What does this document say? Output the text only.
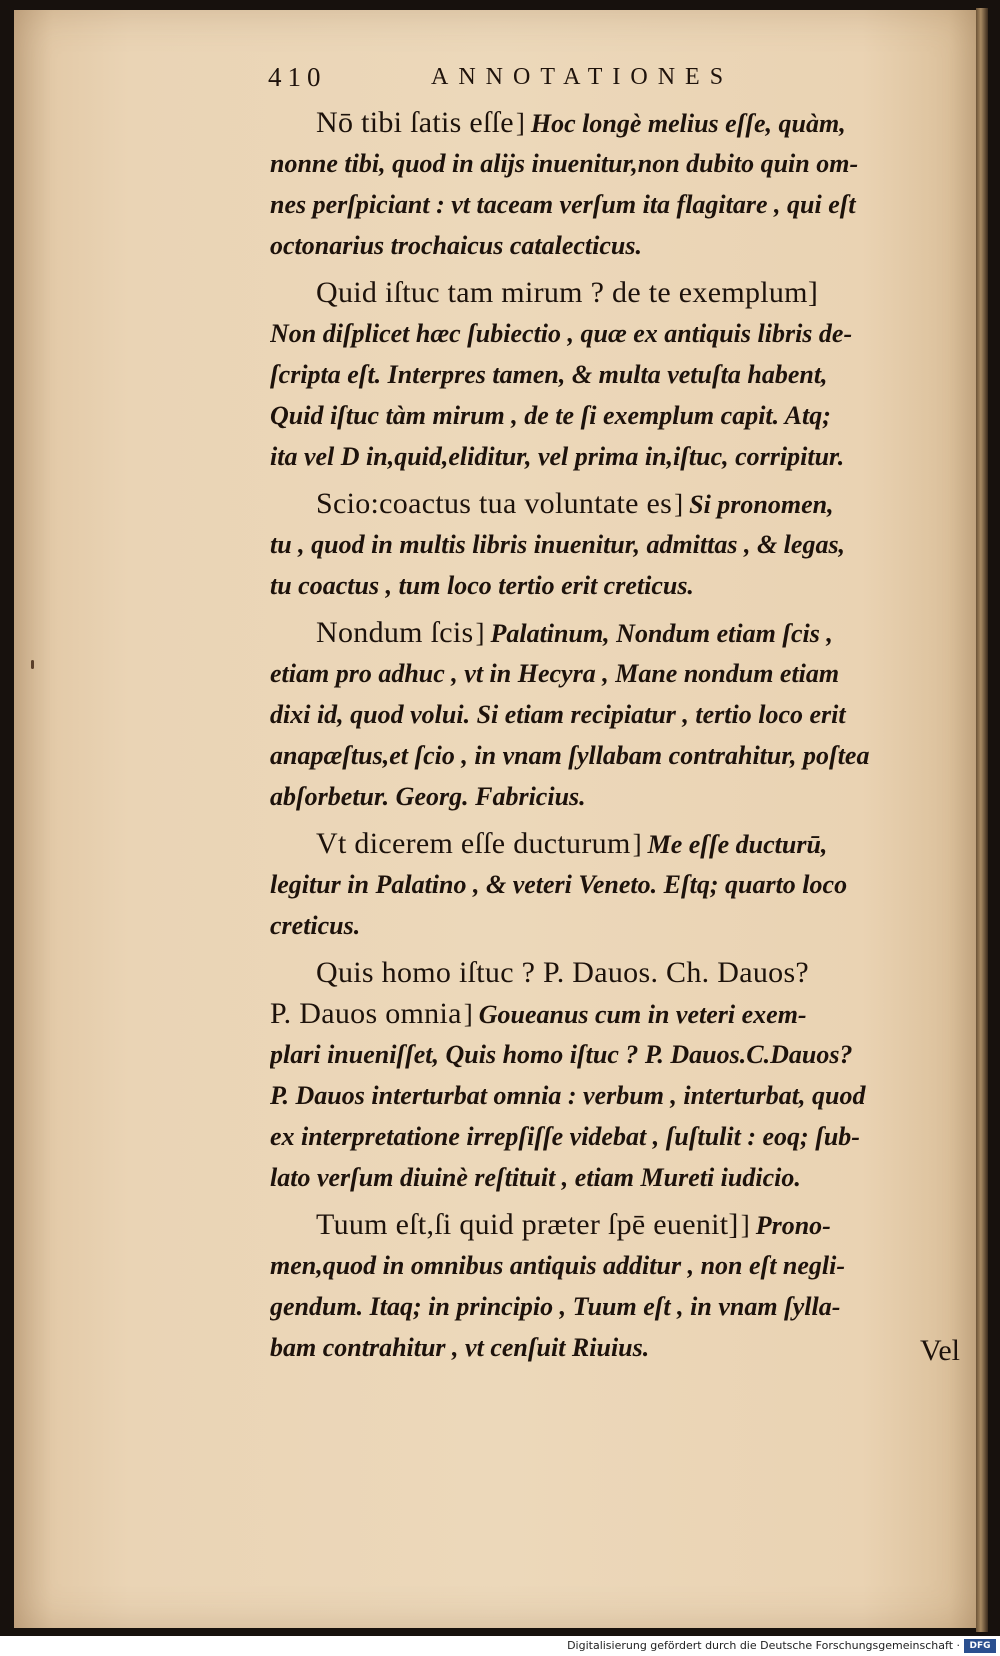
410	ANNOTATIONES
Nō tibi ſatis eſſe] Hoc longè melius eſſe, quàm,
nonne tibi, quod in alijs inuenitur,non dubito quin om-
nes perſpiciant : vt taceam verſum ita flagitare , qui eſt
octonarius trochaicus catalecticus.
Quid iſtuc tam mirum ? de te exemplum]
Non diſplicet hæc ſubiectio , quæ ex antiquis libris de-
ſcripta eſt. Interpres tamen, & multa vetuſta habent,
Quid iſtuc tàm mirum , de te ſi exemplum capit. Atq;
ita vel D in,quid,eliditur, vel prima in,iſtuc, corripitur.
Scio:coactus tua voluntate es] Si pronomen,
tu , quod in multis libris inuenitur, admittas , & legas,
tu coactus , tum loco tertio erit creticus.
Nondum ſcis] Palatinum, Nondum etiam ſcis ,
etiam pro adhuc , vt in Hecyra , Mane nondum etiam
dixi id, quod volui. Si etiam recipiatur , tertio loco erit
anapæſtus,et ſcio , in vnam ſyllabam contrahitur, poſtea
abſorbetur. Georg. Fabricius.
Vt dicerem eſſe ducturum] Me eſſe ducturū,
legitur in Palatino , & veteri Veneto. Eſtq; quarto loco
creticus.
Quis homo iſtuc ? P. Dauos. Ch. Dauos?
P. Dauos omnia] Goueanus cum in veteri exem-
plari inueniſſet, Quis homo iſtuc ? P. Dauos.C.Dauos?
P. Dauos interturbat omnia : verbum , interturbat, quod
ex interpretatione irrepſiſſe videbat , ſuſtulit : eoq; ſub-
lato verſum diuinè reſtituit , etiam Mureti iudicio.
Tuum eſt,ſi quid præter ſpē euenit]] Prono-
men,quod in omnibus antiquis additur , non eſt negli-
gendum. Itaq; in principio , Tuum eſt , in vnam ſylla-
bam contrahitur , vt cenſuit Riuius.	Vel
Digitalisierung gefördert durch die Deutsche Forschungsgemeinschaft ·	DFG
